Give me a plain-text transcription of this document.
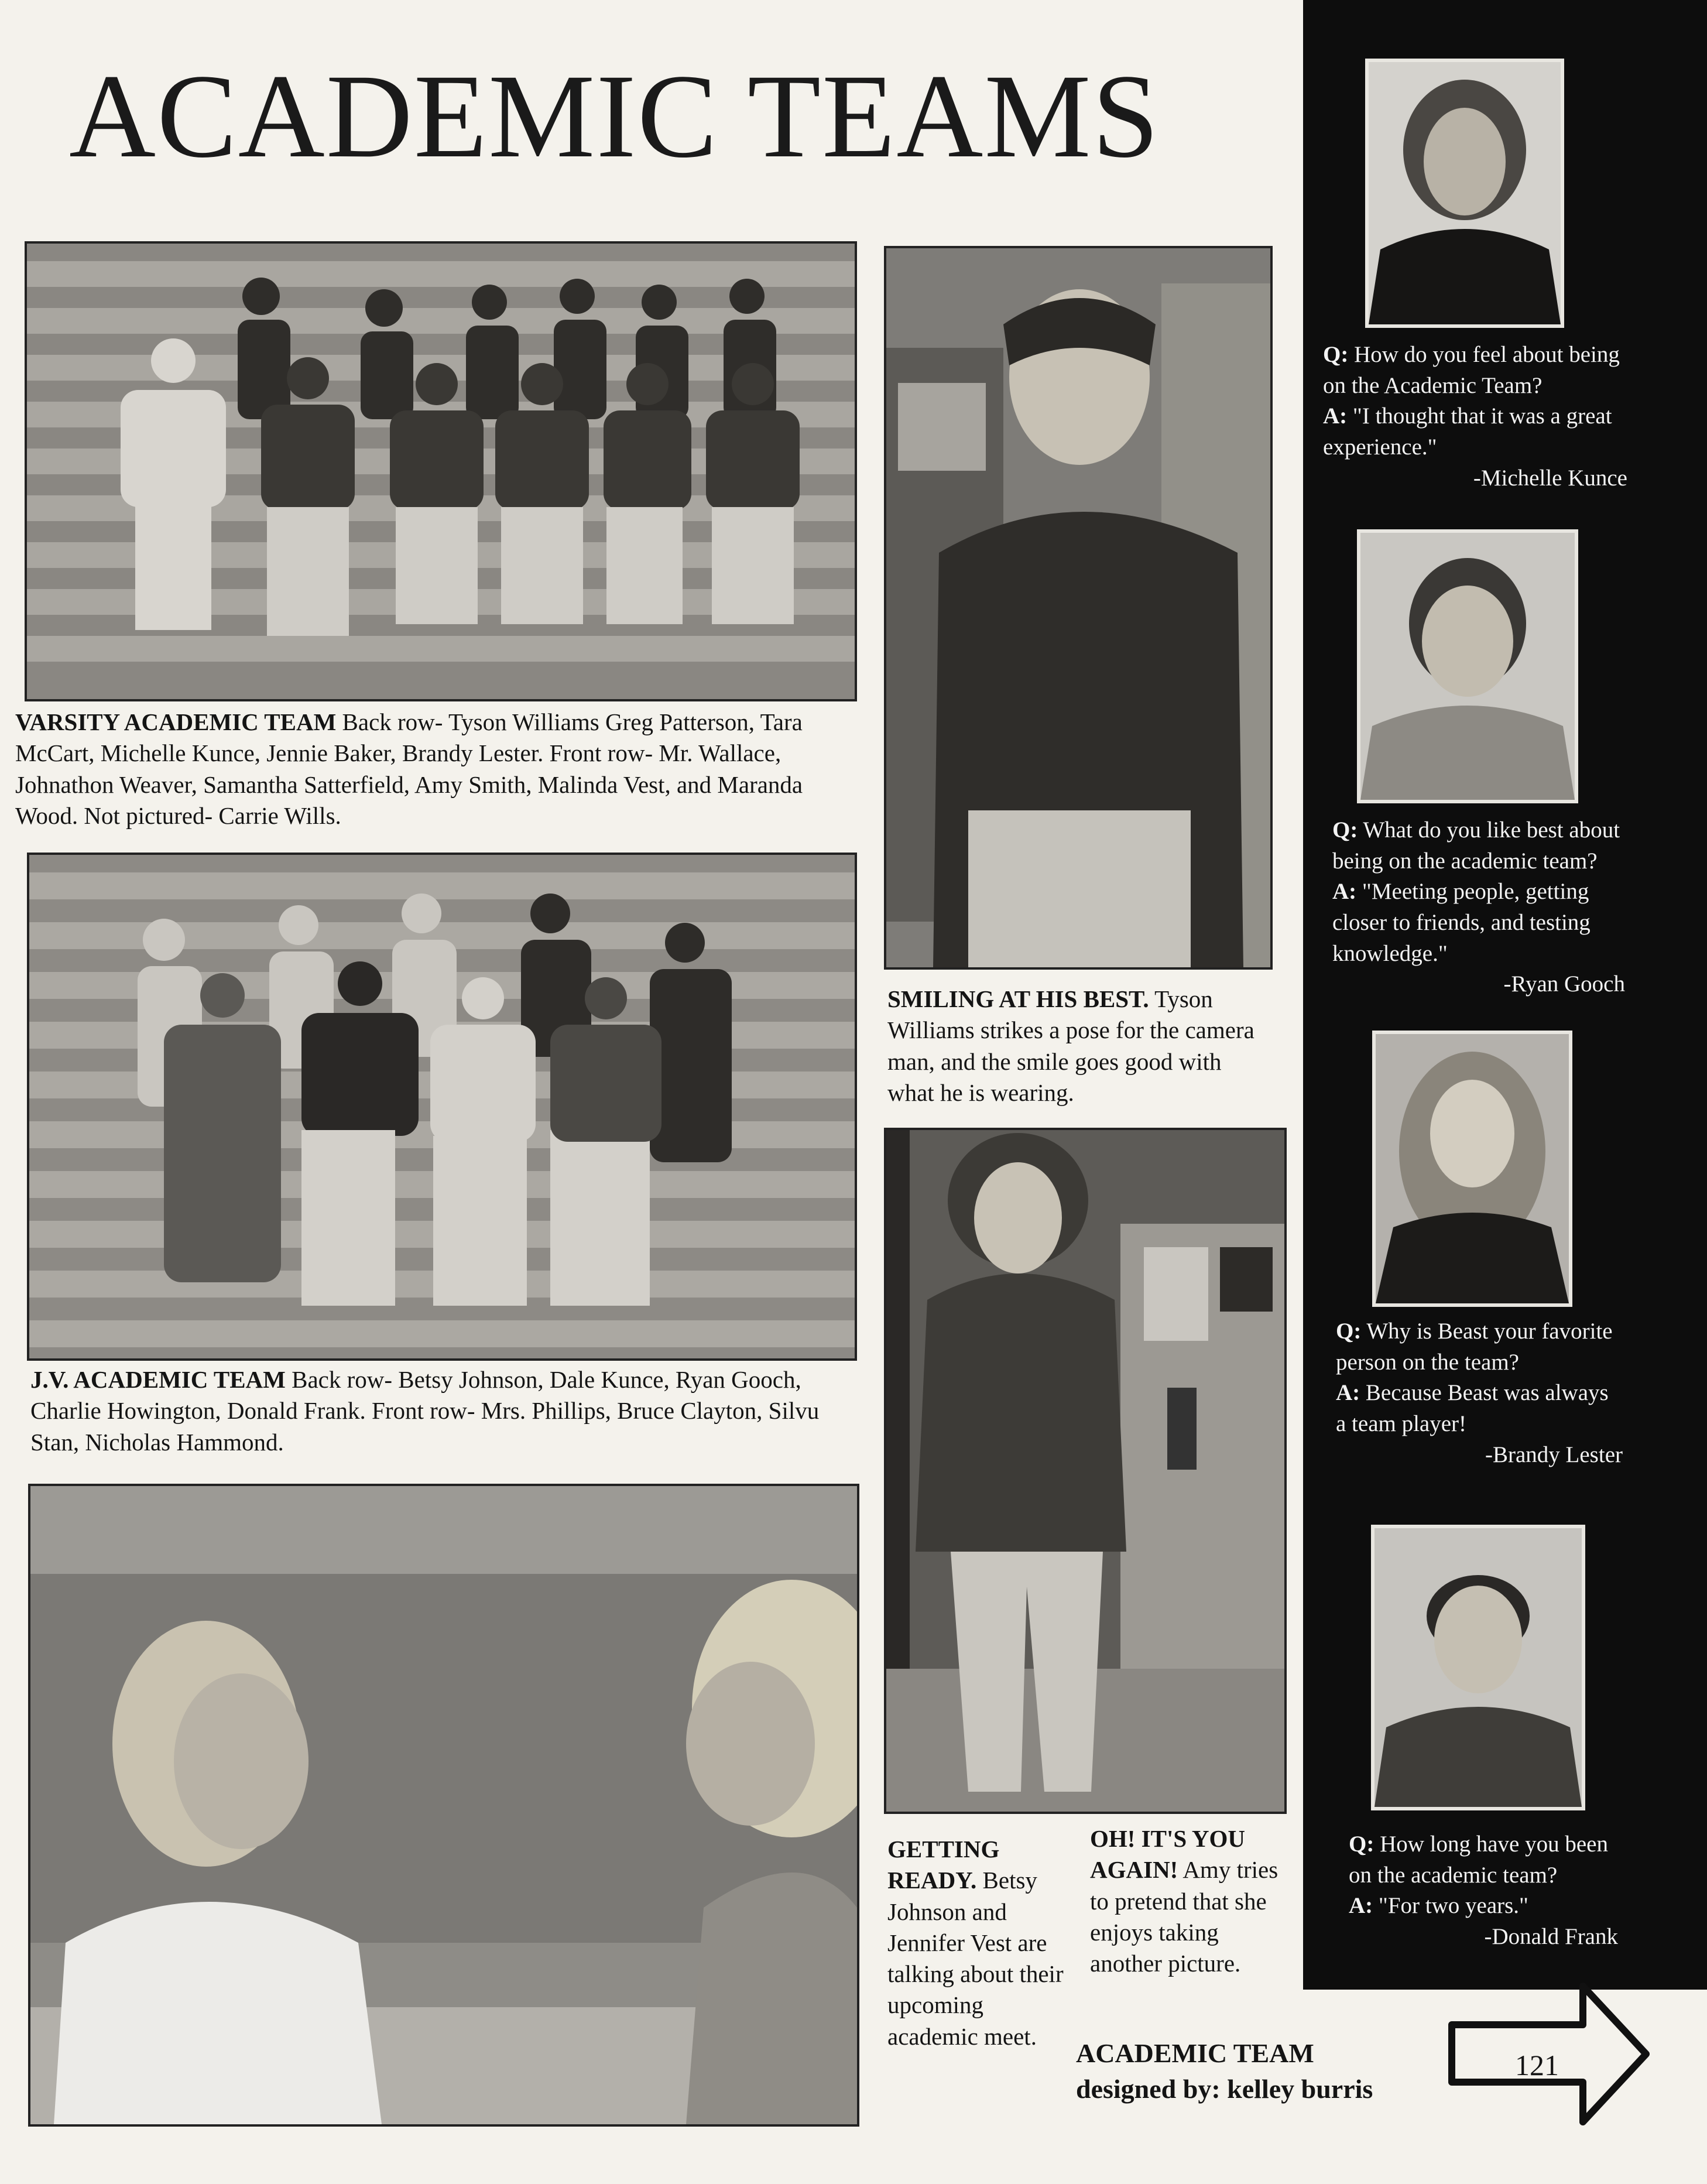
ACADEMIC TEAMS
VARSITY ACADEMIC TEAM Back row- Tyson Williams Greg Patterson, Tara McCart, Michelle Kunce, Jennie Baker, Brandy Lester. Front row- Mr. Wallace, Johnathon Weaver, Samantha Satterfield, Amy Smith, Malinda Vest, and Maranda Wood. Not pictured- Carrie Wills.
J.V. ACADEMIC TEAM Back row- Betsy Johnson, Dale Kunce, Ryan Gooch, Charlie Howington, Donald Frank. Front row- Mrs. Phillips, Bruce Clayton, Silvu Stan, Nicholas Hammond.
SMILING AT HIS BEST. Tyson Williams strikes a pose for the camera man, and the smile goes good with what he is wearing.
GETTING READY. Betsy Johnson and Jennifer Vest are talking about their upcoming academic meet.
OH! IT'S YOU AGAIN! Amy tries to pretend that she enjoys taking another picture.
Q: How do you feel about being on the Academic Team?
A: "I thought that it was a great experience."
-Michelle Kunce
Q: What do you like best about being on the academic team?
A: "Meeting people, getting closer to friends, and testing knowledge."
-Ryan Gooch
Q: Why is Beast your favorite person on the team?
A: Because Beast was always a team player!
-Brandy Lester
Q: How long have you been on the academic team?
A: "For two years."
-Donald Frank
ACADEMIC TEAM
designed by: kelley burris
121
